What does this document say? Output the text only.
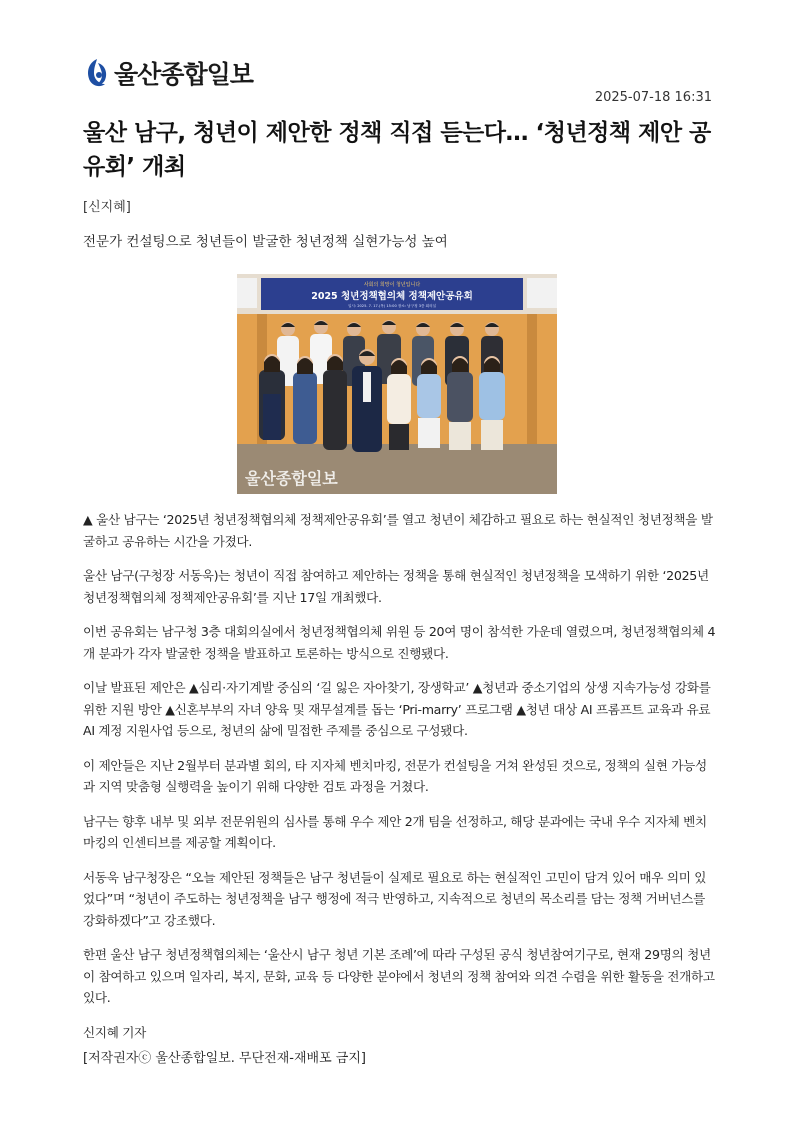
울산종합일보
2025-07-18 16:31
울산 남구, 청년이 제안한 정책 직접 듣는다… ‘청년정책 제안 공유회’ 개최
[신지혜]
전문가 컨설팅으로 청년들이 발굴한 청년정책 실현가능성 높여
사회의 희망이 청년입니다
2025 청년정책협의체 정책제안공유회
일시: 2025. 7. 17.(목) 15:00 장소: 남구청 3층 회의실
울산종합일보

▲ 울산 남구는 ‘2025년 청년정책협의체 정책제안공유회’를 열고 청년이 체감하고 필요로 하는 현실적인 청년정책을 발굴하고 공유하는 시간을 가졌다.

울산 남구(구청장 서동욱)는 청년이 직접 참여하고 제안하는 정책을 통해 현실적인 청년정책을 모색하기 위한 ‘2025년 청년정책협의체 정책제안공유회’를 지난 17일 개최했다.

이번 공유회는 남구청 3층 대회의실에서 청년정책협의체 위원 등 20여 명이 참석한 가운데 열렸으며, 청년정책협의체 4개 분과가 각자 발굴한 정책을 발표하고 토론하는 방식으로 진행됐다.

이날 발표된 제안은 ▲심리·자기계발 중심의 ‘길 잃은 자아찾기, 장생학교’ ▲청년과 중소기업의 상생 지속가능성 강화를 위한 지원 방안 ▲신혼부부의 자녀 양육 및 재무설계를 돕는 ‘Pri-marry’ 프로그램 ▲청년 대상 AI 프롬프트 교육과 유료 AI 계정 지원사업 등으로, 청년의 삶에 밀접한 주제를 중심으로 구성됐다.

이 제안들은 지난 2월부터 분과별 회의, 타 지자체 벤치마킹, 전문가 컨설팅을 거쳐 완성된 것으로, 정책의 실현 가능성과 지역 맞춤형 실행력을 높이기 위해 다양한 검토 과정을 거쳤다.

남구는 향후 내부 및 외부 전문위원의 심사를 통해 우수 제안 2개 팀을 선정하고, 해당 분과에는 국내 우수 지자체 벤치마킹의 인센티브를 제공할 계획이다.

서동욱 남구청장은 “오늘 제안된 정책들은 남구 청년들이 실제로 필요로 하는 현실적인 고민이 담겨 있어 매우 의미 있었다”며 “청년이 주도하는 청년정책을 남구 행정에 적극 반영하고, 지속적으로 청년의 목소리를 담는 정책 거버넌스를 강화하겠다”고 강조했다.

한편 울산 남구 청년정책협의체는 ‘울산시 남구 청년 기본 조례’에 따라 구성된 공식 청년참여기구로, 현재 29명의 청년이 참여하고 있으며 일자리, 복지, 문화, 교육 등 다양한 분야에서 청년의 정책 참여와 의견 수렴을 위한 활동을 전개하고 있다.

신지혜 기자

[저작권자ⓒ 울산종합일보. 무단전재-재배포 금지]
